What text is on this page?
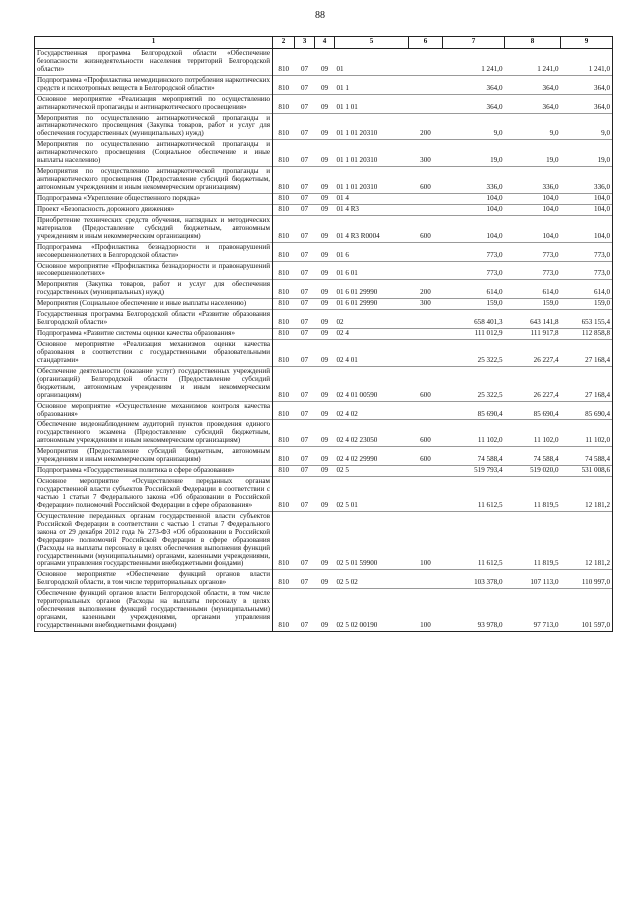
88
1	2	3	4	5	6	7	8	9
Государственная программа Белгородской области «Обеспечение безопасности жизнедеятельности населения территорий Белгородской области»	810	07	09	01		1 241,0	1 241,0	1 241,0
Подпрограмма «Профилактика немедицинского потребления наркотических средств и психотропных веществ в Белгородской области»	810	07	09	01 1		364,0	364,0	364,0
Основное мероприятие «Реализация мероприятий по осуществлению антинаркотической пропаганды и антинаркотического просвещения»	810	07	09	01 1 01		364,0	364,0	364,0
Мероприятия по осуществлению антинаркотической пропаганды и антинаркотического просвещения (Закупка товаров, работ и услуг для обеспечения государственных (муниципальных) нужд)	810	07	09	01 1 01 20310	200	9,0	9,0	9,0
Мероприятия по осуществлению антинаркотической пропаганды и антинаркотического просвещения (Социальное обеспечение и иные выплаты населению)	810	07	09	01 1 01 20310	300	19,0	19,0	19,0
Мероприятия по осуществлению антинаркотической пропаганды и антинаркотического просвещения (Предоставление субсидий бюджетным, автономным учреждениям и иным некоммерческим организациям)	810	07	09	01 1 01 20310	600	336,0	336,0	336,0
Подпрограмма «Укрепление общественного порядка»	810	07	09	01 4		104,0	104,0	104,0
Проект «Безопасность дорожного движения»	810	07	09	01 4 R3		104,0	104,0	104,0
Приобретение технических средств обучения, наглядных и методических материалов (Предоставление субсидий бюджетным, автономным учреждениям и иным некоммерческим организациям)	810	07	09	01 4 R3 R0004	600	104,0	104,0	104,0
Подпрограмма «Профилактика безнадзорности и правонарушений несовершеннолетних в Белгородской области»	810	07	09	01 6		773,0	773,0	773,0
Основное мероприятие «Профилактика безнадзорности и правонарушений несовершеннолетних»	810	07	09	01 6 01		773,0	773,0	773,0
Мероприятия (Закупка товаров, работ и услуг для обеспечения государственных (муниципальных) нужд)	810	07	09	01 6 01 29990	200	614,0	614,0	614,0
Мероприятия (Социальное обеспечение и иные выплаты населению)	810	07	09	01 6 01 29990	300	159,0	159,0	159,0
Государственная программа Белгородской области «Развитие образования Белгородской области»	810	07	09	02		658 401,3	643 141,8	653 155,4
Подпрограмма «Развитие системы оценки качества образования»	810	07	09	02 4		111 012,9	111 917,8	112 858,8
Основное мероприятие «Реализация механизмов оценки качества образования в соответствии с государственными образовательными стандартами»	810	07	09	02 4 01		25 322,5	26 227,4	27 168,4
Обеспечение деятельности (оказание услуг) государственных учреждений (организаций) Белгородской области (Предоставление субсидий бюджетным, автономным учреждениям и иным некоммерческим организациям)	810	07	09	02 4 01 00590	600	25 322,5	26 227,4	27 168,4
Основное мероприятие «Осуществление механизмов контроля качества образования»	810	07	09	02 4 02		85 690,4	85 690,4	85 690,4
Обеспечение видеонаблюдением аудиторий пунктов проведения единого государственного экзамена (Предоставление субсидий бюджетным, автономным учреждениям и иным некоммерческим организациям)	810	07	09	02 4 02 23050	600	11 102,0	11 102,0	11 102,0
Мероприятия (Предоставление субсидий бюджетным, автономным учреждениям и иным некоммерческим организациям)	810	07	09	02 4 02 29990	600	74 588,4	74 588,4	74 588,4
Подпрограмма «Государственная политика в сфере образования»	810	07	09	02 5		519 793,4	519 020,0	531 008,6
Основное мероприятие «Осуществление переданных органам государственной власти субъектов Российской Федерации в соответствии с частью 1 статьи 7 Федерального закона «Об образовании в Российской Федерации» полномочий Российской Федерации в сфере образования»	810	07	09	02 5 01		11 612,5	11 819,5	12 181,2
Осуществление переданных органам государственной власти субъектов Российской Федерации в соответствии с частью 1 статьи 7 Федерального закона от 29 декабря 2012 года № 273-ФЗ «Об образовании в Российской Федерации» полномочий Российской Федерации в сфере образования (Расходы на выплаты персоналу в целях обеспечения выполнения функций государственными (муниципальными) органами, казенными учреждениями, органами управления государственными внебюджетными фондами)	810	07	09	02 5 01 59900	100	11 612,5	11 819,5	12 181,2
Основное мероприятие «Обеспечение функций органов власти Белгородской области, в том числе территориальных органов»	810	07	09	02 5 02		103 378,0	107 113,0	110 997,0
Обеспечение функций органов власти Белгородской области, в том числе территориальных органов (Расходы на выплаты персоналу в целях обеспечения выполнения функций государственными (муниципальными) органами, казенными учреждениями, органами управления государственными внебюджетными фондами)	810	07	09	02 5 02 00190	100	93 978,0	97 713,0	101 597,0
